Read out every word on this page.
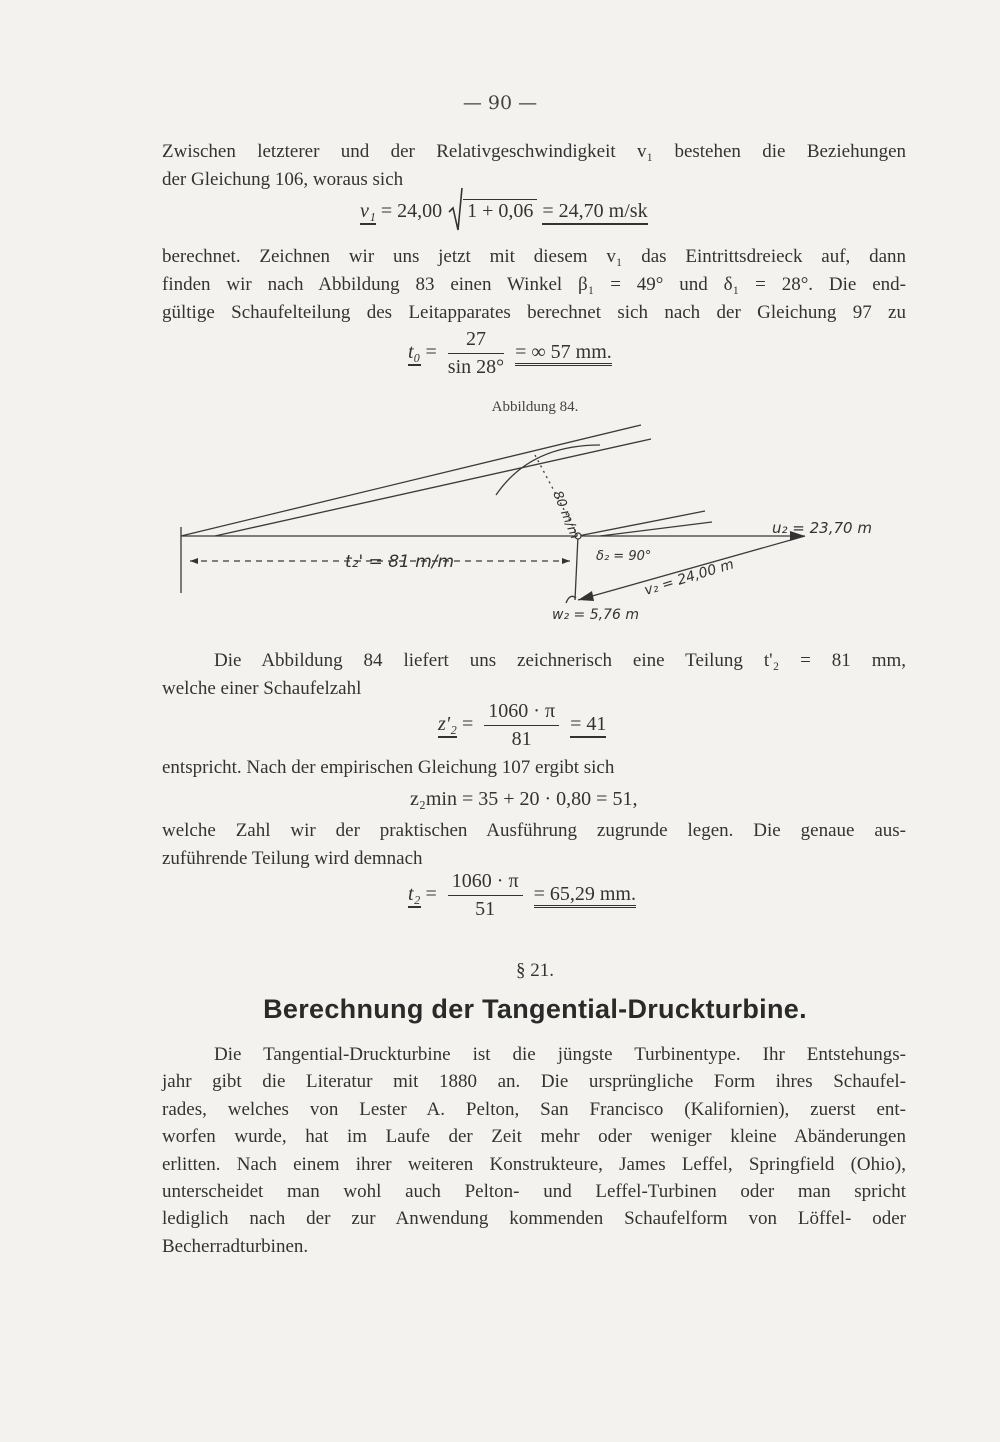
— 90 —
Zwischen letzterer und der Relativgeschwindigkeit v₁ bestehen die Beziehungen
der Gleichung 106, woraus sich
v₁ = 24,00 1 + 0,06 = 24,70 m/sk
berechnet. Zeichnen wir uns jetzt mit diesem v₁ das Eintrittsdreieck auf, dann
finden wir nach Abbildung 83 einen Winkel β₁ = 49° und δ₁ = 28°. Die end-
gültige Schaufelteilung des Leitapparates berechnet sich nach der Gleichung 97 zu
$t_0 = \frac{27}{\sin 28^\circ}$ = ∞ 57 mm.
Abbildung 84.
t₂' = 81 m/m
80 m/m
δ₂ = 90°
u₂ = 23,70 m
v₂ = 24,00 m
w₂ = 5,76 m
Die Abbildung 84 liefert uns zeichnerisch eine Teilung t'₂ = 81 mm,
welche einer Schaufelzahl
$z'_2 = \frac{1060 \cdot \pi}{81} = 41$
entspricht. Nach der empirischen Gleichung 107 ergibt sich
z₂min = 35 + 20 · 0,80 = 51,
welche Zahl wir der praktischen Ausführung zugrunde legen. Die genaue aus-
zuführende Teilung wird demnach
$t_2 = \frac{1060 \cdot \pi}{51} = 65,29$ mm.
§ 21.
Berechnung der Tangential-Druckturbine.
Die Tangential-Druckturbine ist die jüngste Turbinentype. Ihr Entstehungs-
jahr gibt die Literatur mit 1880 an. Die ursprüngliche Form ihres Schaufel-
rades, welches von Lester A. Pelton, San Francisco (Kalifornien), zuerst ent-
worfen wurde, hat im Laufe der Zeit mehr oder weniger kleine Abänderungen
erlitten. Nach einem ihrer weiteren Konstrukteure, James Leffel, Springfield (Ohio),
unterscheidet man wohl auch Pelton- und Leffel-Turbinen oder man spricht
lediglich nach der zur Anwendung kommenden Schaufelform von Löffel- oder
Becherradturbinen.
